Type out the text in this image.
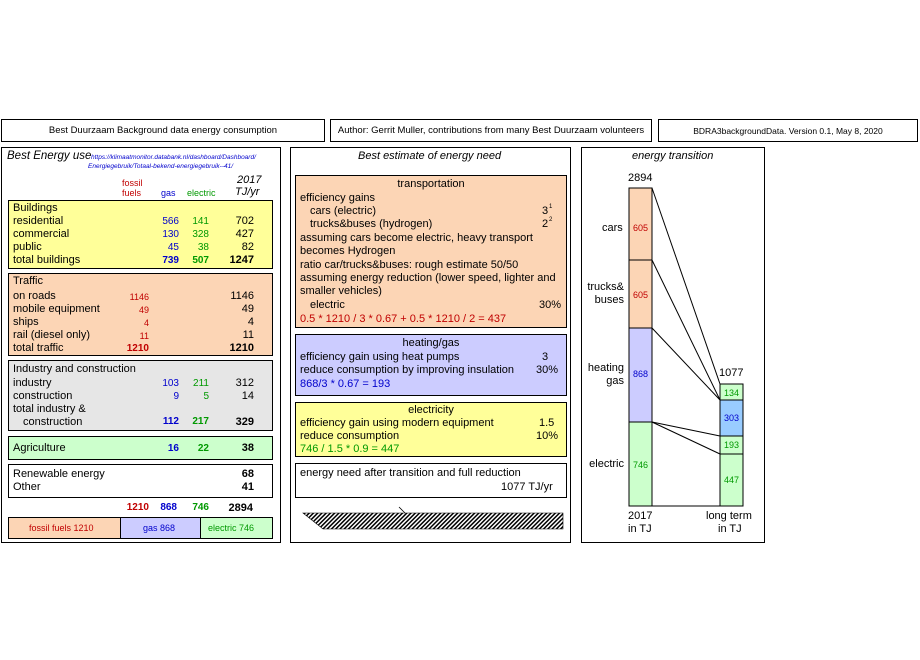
Best Duurzaam Background data energy consumption	Author: Gerrit Muller, contributions from many Best Duurzaam volunteers	BDRA3backgroundData. Version 0.1, May 8, 2020
Best Energy use https://klimaatmonitor.databank.nl/dashboard/Dashboard/
Energiegebruik/Totaal-bekend-energiegebruik--41/
fossil
fuels gas electric
2017
TJ/yr
Buildings
residential	566	141	702
commercial	130	328	427
public	45	38	82
total buildings	739	507	1247
Traffic
on roads	1146	1146
mobile equipment	49	49
ships	4	4
rail (diesel only)	11	11
total traffic	1210	1210
Industry and construction
industry	103	211	312
construction	9	5	14
total industry &
construction	112	217	329
Agriculture	16	22	38
Renewable energy	68
Other	41
1210	868	746	2894
fossil fuels 1210	gas 868	electric 746
Best estimate of energy need
transportation
efficiency gains
cars (electric)	3 1
trucks&buses (hydrogen)	2 2
assuming cars become electric, heavy transport
becomes Hydrogen
ratio car/trucks&buses: rough estimate 50/50
assuming energy reduction (lower speed, lighter and
smaller vehicles)
electric	30%
0.5 * 1210 / 3 * 0.67 + 0.5 * 1210 / 2 = 437
heating/gas
efficiency gain using heat pumps	3
reduce consumption by improving insulation 30%
868/3 * 0.67 = 193
electricity
efficiency gain using modern equipment	1.5
reduce consumption	10%
746 / 1.5 * 0.9 = 447
energy need after transition and full reduction
1077 TJ/yr
energy transition
605
605
868
746
134
303
193
447
2894
1077
cars
trucks&
buses
heating
gas
electric
2017
in TJ
long term
in TJ
